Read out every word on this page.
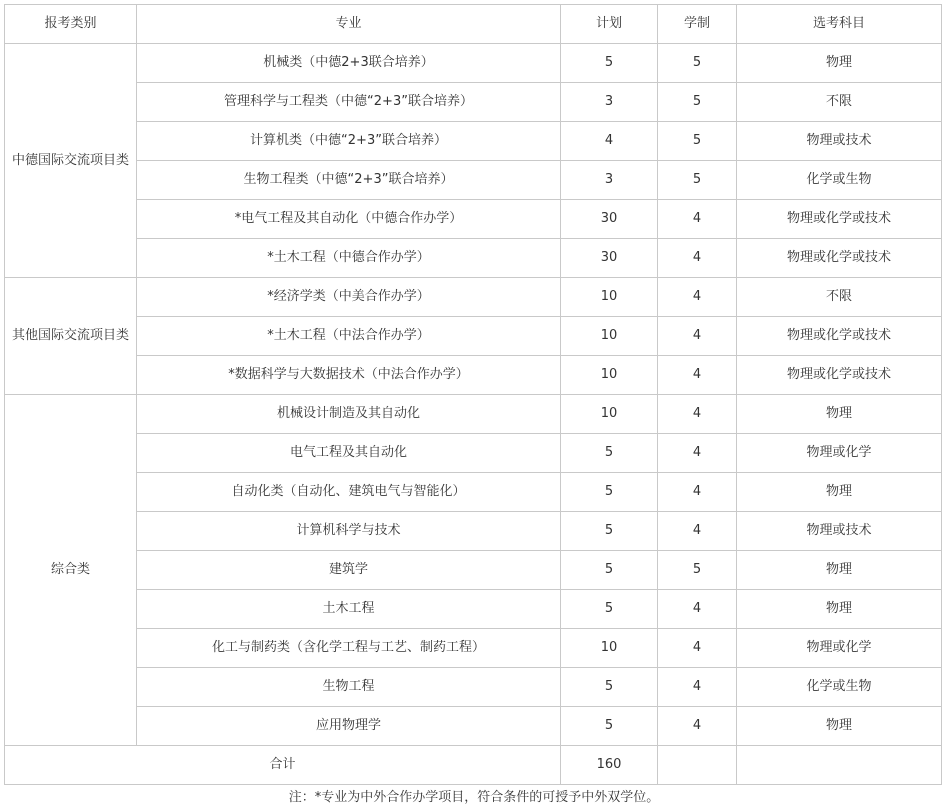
报考类别	专业	计划	学制	选考科目
中德国际交流项目类	机械类（中德2+3联合培养）	5	5	物理
	管理科学与工程类（中德“2+3”联合培养）	3	5	不限
	计算机类（中德“2+3”联合培养）	4	5	物理或技术
	生物工程类（中德“2+3”联合培养）	3	5	化学或生物
	*电气工程及其自动化（中德合作办学）	30	4	物理或化学或技术
	*土木工程（中德合作办学）	30	4	物理或化学或技术
其他国际交流项目类	*经济学类（中美合作办学）	10	4	不限
	*土木工程（中法合作办学）	10	4	物理或化学或技术
	*数据科学与大数据技术（中法合作办学）	10	4	物理或化学或技术
综合类	机械设计制造及其自动化	10	4	物理
	电气工程及其自动化	5	4	物理或化学
	自动化类（自动化、建筑电气与智能化）	5	4	物理
	计算机科学与技术	5	4	物理或技术
	建筑学	5	5	物理
	土木工程	5	4	物理
	化工与制药类（含化学工程与工艺、制药工程）	10	4	物理或化学
	生物工程	5	4	化学或生物
	应用物理学	5	4	物理
合计		160		
注：*专业为中外合作办学项目，符合条件的可授予中外双学位。
